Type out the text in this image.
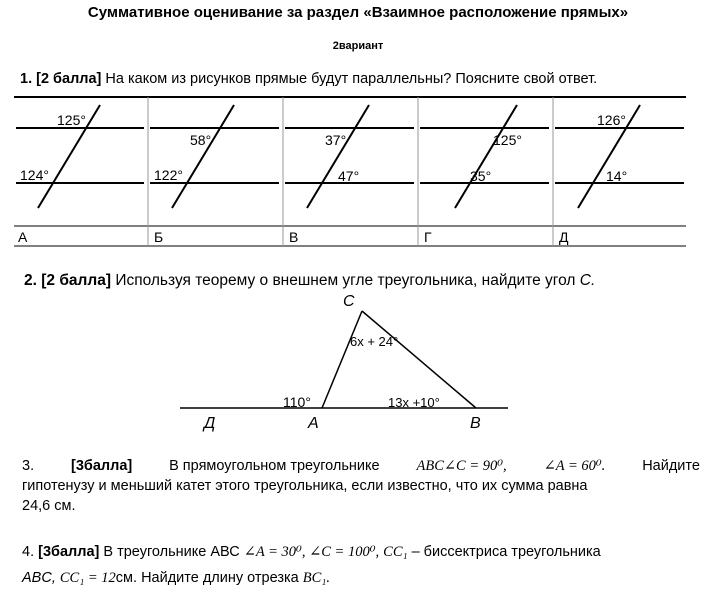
Суммативное оценивание за раздел «Взаимное расположение прямых»
2вариант
1. [2 балла] На каком из рисунков прямые будут параллельны? Поясните свой ответ.
125°
124°
А
58°
122°
Б
37°
47°
В
125°
35°
Г
126°
14°
Д
С
6x + 24°
110°	13x +10°
Д	А	В
2. [2 балла] Используя теорему о внешнем угле треугольника, найдите угол С.
3.	[3балла]	В прямоугольном треугольнике	ABC∠C = 90⁰,	∠A = 60⁰.	Найдите
гипотенузу и меньший катет этого треугольника, если известно, что их сумма равна
24,6 см.
4. [3балла] В треугольнике АВС ∠A = 30⁰, ∠C = 100⁰, CC₁ – биссектриса треугольника
ABC, CC₁ = 12см. Найдите длину отрезка BC₁.
